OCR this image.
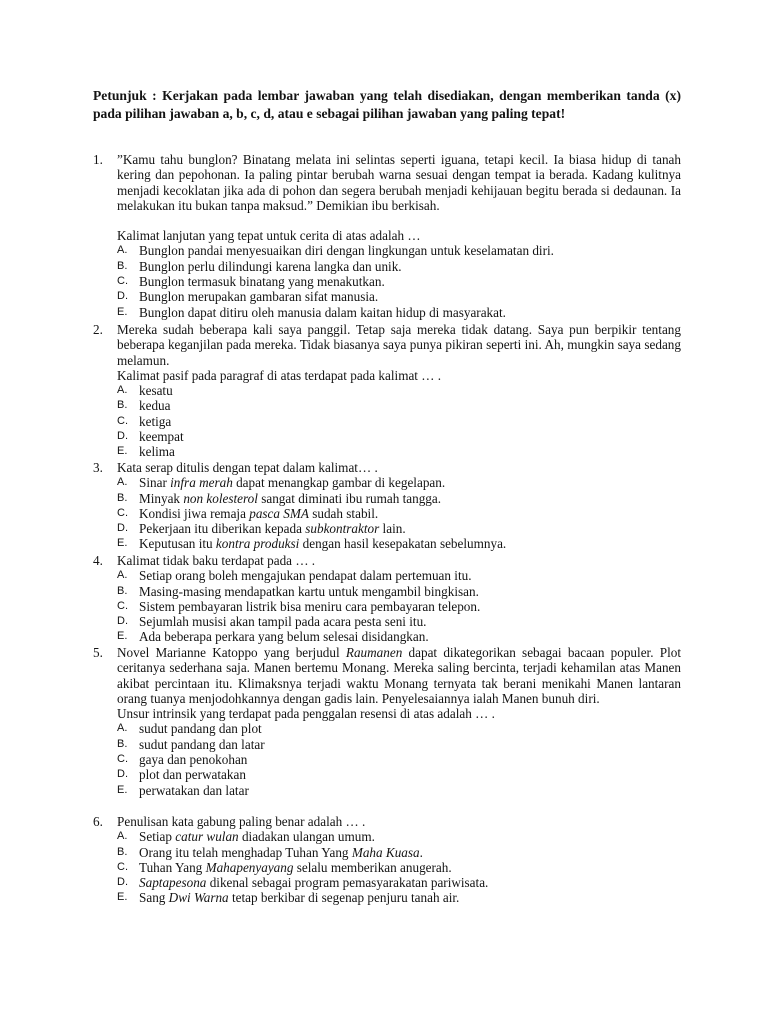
Petunjuk : Kerjakan pada lembar jawaban yang telah disediakan, dengan memberikan tanda (x) pada pilihan jawaban a, b, c, d, atau e sebagai pilihan jawaban yang paling tepat!
1. ”Kamu tahu bunglon? Binatang melata ini selintas seperti iguana, tetapi kecil. Ia biasa hidup di tanah kering dan pepohonan. Ia paling pintar berubah warna sesuai dengan tempat ia berada. Kadang kulitnya menjadi kecoklatan jika ada di pohon dan segera berubah menjadi kehijauan begitu berada si dedaunan. Ia melakukan itu bukan tanpa maksud.” Demikian ibu berkisah.
Kalimat lanjutan yang tepat untuk cerita di atas adalah …
A. Bunglon pandai menyesuaikan diri dengan lingkungan untuk keselamatan diri.
B. Bunglon perlu dilindungi karena langka dan unik.
C. Bunglon termasuk binatang yang menakutkan.
D. Bunglon merupakan gambaran sifat manusia.
E. Bunglon dapat ditiru oleh manusia dalam kaitan hidup di masyarakat.
2. Mereka sudah beberapa kali saya panggil. Tetap saja mereka tidak datang. Saya pun berpikir tentang beberapa keganjilan pada mereka. Tidak biasanya saya punya pikiran seperti ini. Ah, mungkin saya sedang melamun.
Kalimat pasif pada paragraf di atas terdapat pada kalimat … .
A. kesatu
B. kedua
C. ketiga
D. keempat
E. kelima
3. Kata serap ditulis dengan tepat dalam kalimat… .
A. Sinar infra merah dapat menangkap gambar di kegelapan.
B. Minyak non kolesterol sangat diminati ibu rumah tangga.
C. Kondisi jiwa remaja pasca SMA sudah stabil.
D. Pekerjaan itu diberikan kepada subkontraktor lain.
E. Keputusan itu kontra produksi dengan hasil kesepakatan sebelumnya.
4. Kalimat tidak baku terdapat pada … .
A. Setiap orang boleh mengajukan pendapat dalam pertemuan itu.
B. Masing-masing mendapatkan kartu untuk mengambil bingkisan.
C. Sistem pembayaran listrik bisa meniru cara pembayaran telepon.
D. Sejumlah musisi akan tampil pada acara pesta seni itu.
E. Ada beberapa perkara yang belum selesai disidangkan.
5. Novel Marianne Katoppo yang berjudul Raumanen dapat dikategorikan sebagai bacaan populer. Plot ceritanya sederhana saja. Manen bertemu Monang. Mereka saling bercinta, terjadi kehamilan atas Manen akibat percintaan itu. Klimaksnya terjadi waktu Monang ternyata tak berani menikahi Manen lantaran orang tuanya menjodohkannya dengan gadis lain. Penyelesaiannya ialah Manen bunuh diri.
Unsur intrinsik yang terdapat pada penggalan resensi di atas adalah … .
A. sudut pandang dan plot
B. sudut pandang dan latar
C. gaya dan penokohan
D. plot dan perwatakan
E. perwatakan dan latar
6. Penulisan kata gabung paling benar adalah … .
A. Setiap catur wulan diadakan ulangan umum.
B. Orang itu telah menghadap Tuhan Yang Maha Kuasa.
C. Tuhan Yang Mahapenyayang selalu memberikan anugerah.
D. Saptapesona dikenal sebagai program pemasyarakatan pariwisata.
E. Sang Dwi Warna tetap berkibar di segenap penjuru tanah air.
